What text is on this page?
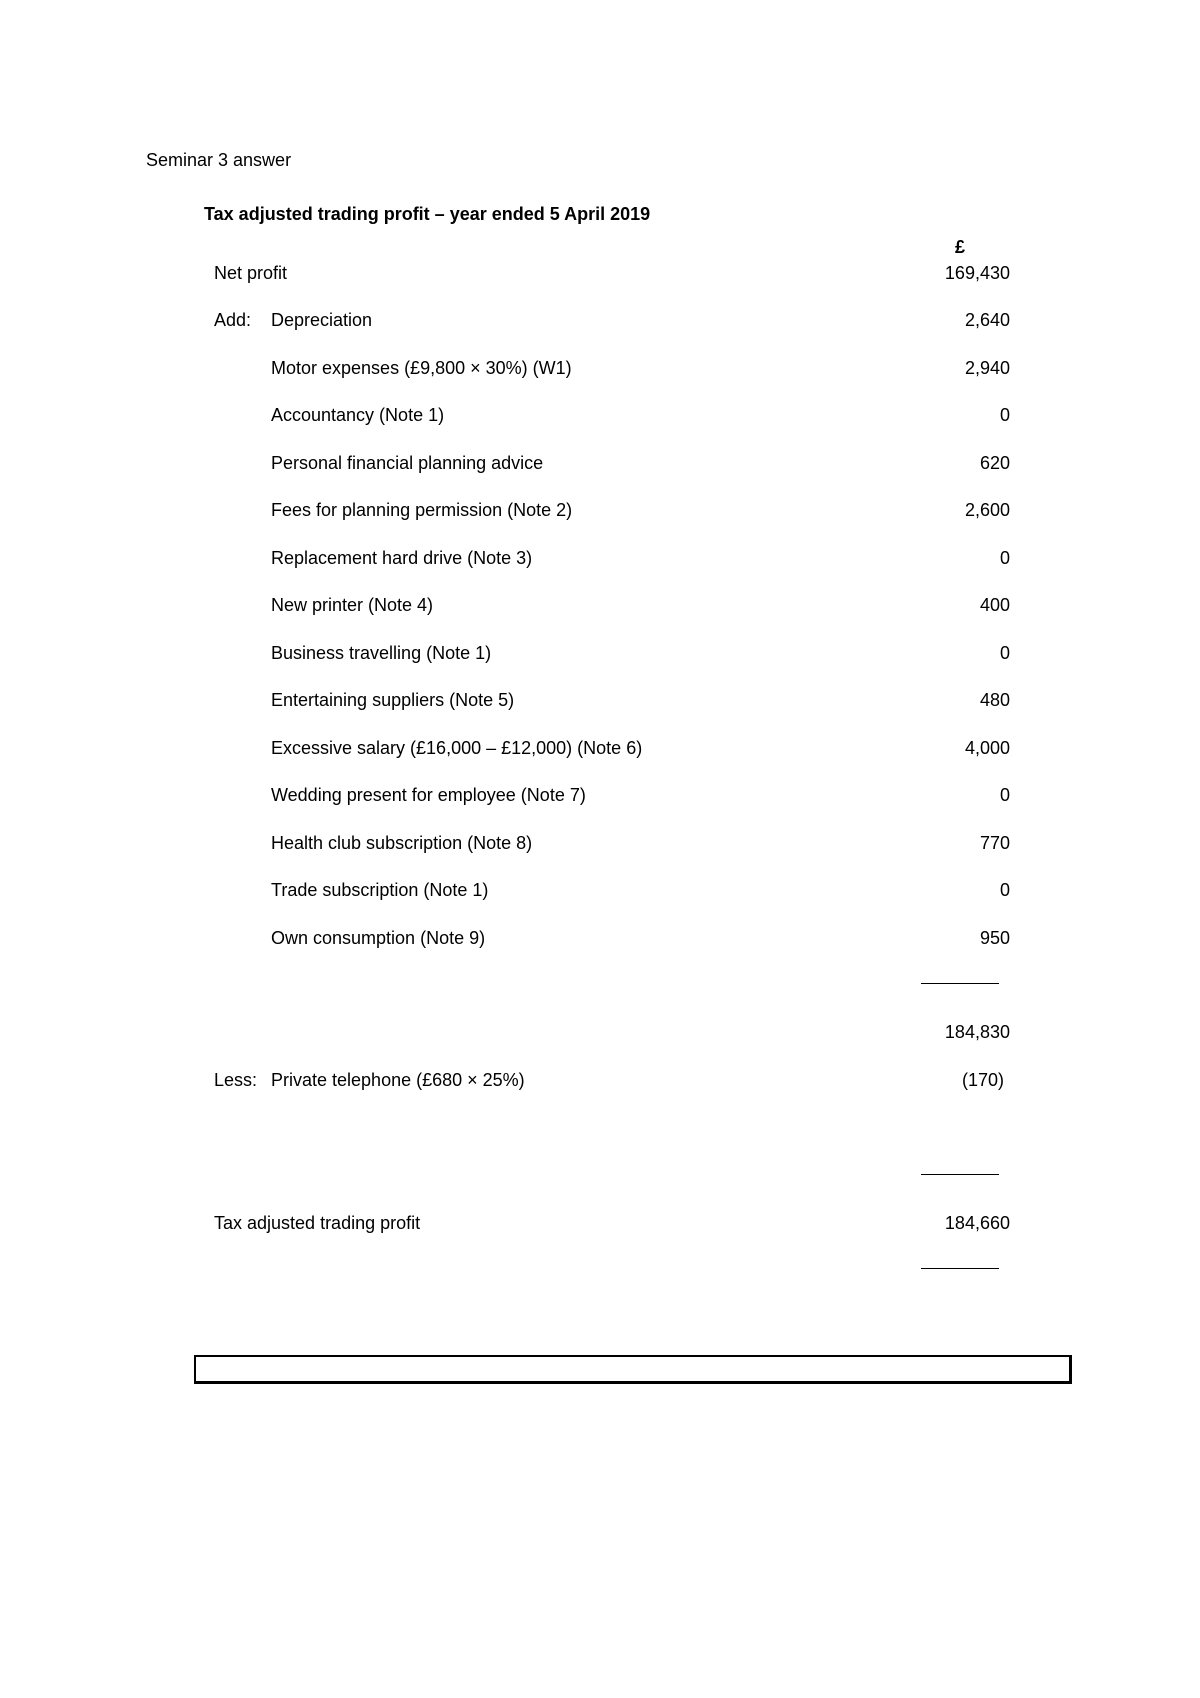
Seminar 3 answer
Tax adjusted trading profit – year ended 5 April 2019
£
Net profit	169,430
Add: Depreciation	2,640
Motor expenses (£9,800 × 30%) (W1)	2,940
Accountancy (Note 1)	0
Personal financial planning advice	620
Fees for planning permission (Note 2)	2,600
Replacement hard drive (Note 3)	0
New printer (Note 4)	400
Business travelling (Note 1)	0
Entertaining suppliers (Note 5)	480
Excessive salary (£16,000 – £12,000) (Note 6)	4,000
Wedding present for employee (Note 7)	0
Health club subscription (Note 8)	770
Trade subscription (Note 1)	0
Own consumption (Note 9)	950
184,830
Less: Private telephone (£680 × 25%)	(170)
Tax adjusted trading profit	184,660
